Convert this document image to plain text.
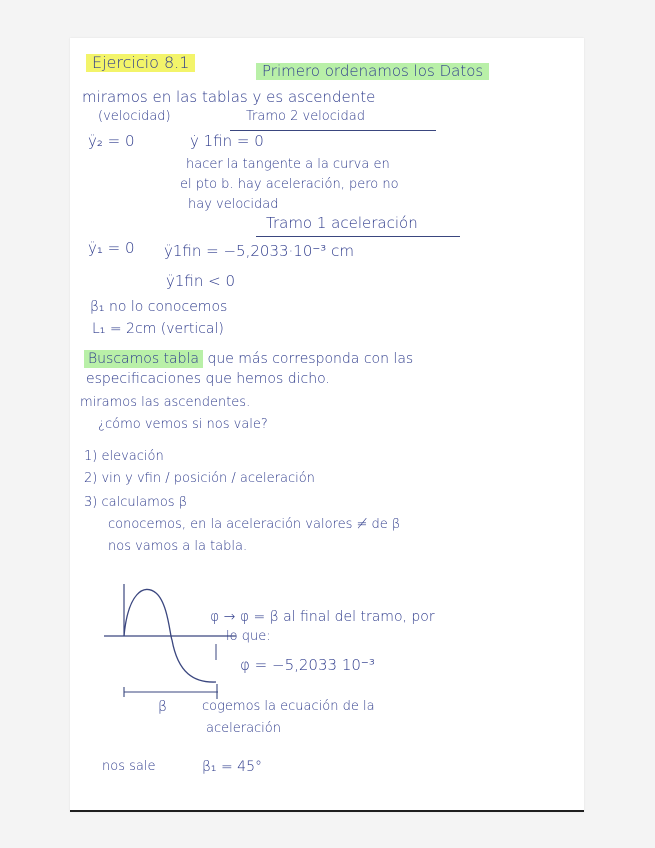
Ejercicio 8.1	Primero ordenamos los Datos
miramos en las tablas y es ascendente
(velocidad)	Tramo 2 velocidad
ÿ₂ = 0	ẏ 1fin = 0
hacer la tangente a la curva en
el pto b. hay aceleración, pero no
hay velocidad
Tramo 1 aceleración
ÿ₁ = 0 ÿ1fin = −5,2033·10⁻³ cm
ÿ1fin < 0
β₁ no lo conocemos
L₁ = 2cm (vertical)
Buscamos tabla que más corresponda con las
especificaciones que hemos dicho.
miramos las ascendentes.
¿cómo vemos si nos vale?
1) elevación
2) vin y vfin / posición / aceleración
3) calculamos β
conocemos, en la aceleración valores ≠ de β
nos vamos a la tabla.
β
φ → φ = β al final del tramo, por
lo que:
φ = −5,2033 10⁻³
cogemos la ecuación de la
aceleración
nos sale	β₁ = 45°
